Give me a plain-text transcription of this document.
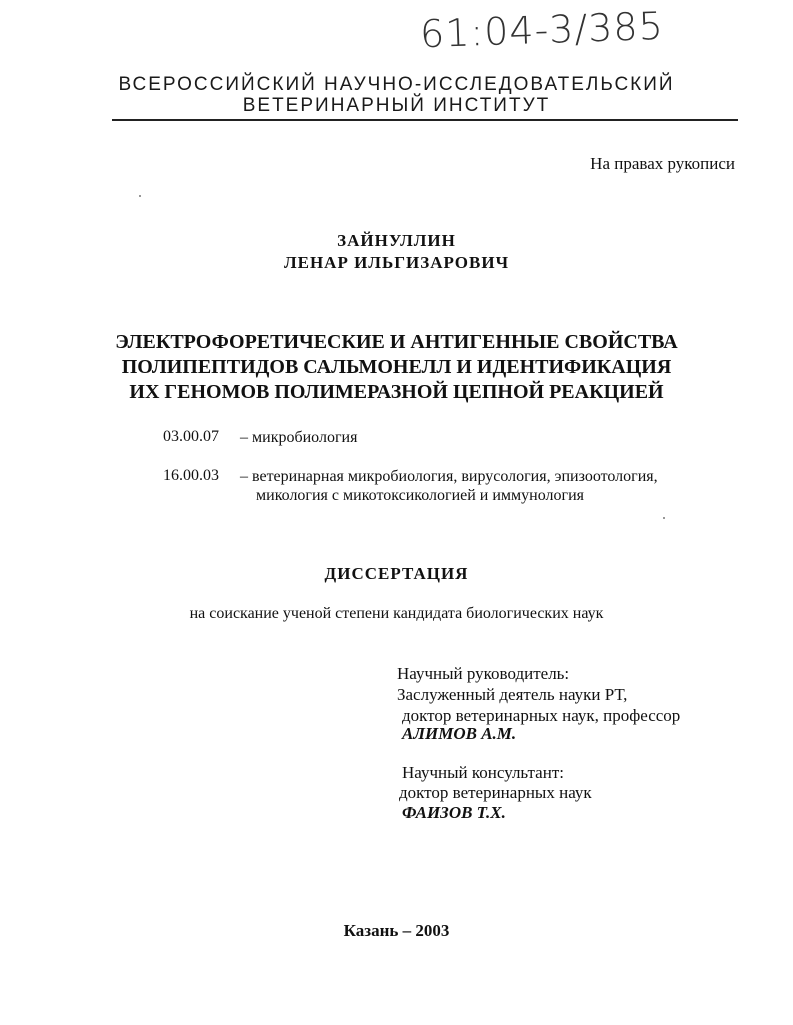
61:04-3/385
ВСЕРОССИЙСКИЙ НАУЧНО-ИССЛЕДОВАТЕЛЬСКИЙ
ВЕТЕРИНАРНЫЙ ИНСТИТУТ
На правах рукописи
ЗАЙНУЛЛИН
ЛЕНАР ИЛЬГИЗАРОВИЧ
ЭЛЕКТРОФОРЕТИЧЕСКИЕ И АНТИГЕННЫЕ СВОЙСТВА
ПОЛИПЕПТИДОВ САЛЬМОНЕЛЛ И ИДЕНТИФИКАЦИЯ
ИХ ГЕНОМОВ ПОЛИМЕРАЗНОЙ ЦЕПНОЙ РЕАКЦИЕЙ
03.00.07 – микробиология
16.00.03 – ветеринарная микробиология, вирусология, эпизоотология,
микология с микотоксикологией и иммунология
ДИССЕРТАЦИЯ
на соискание ученой степени кандидата биологических наук
Научный руководитель:
Заслуженный деятель науки РТ,
доктор ветеринарных наук, профессор
АЛИМОВ А.М.
Научный консультант:
доктор ветеринарных наук
ФАИЗОВ Т.Х.
Казань – 2003
